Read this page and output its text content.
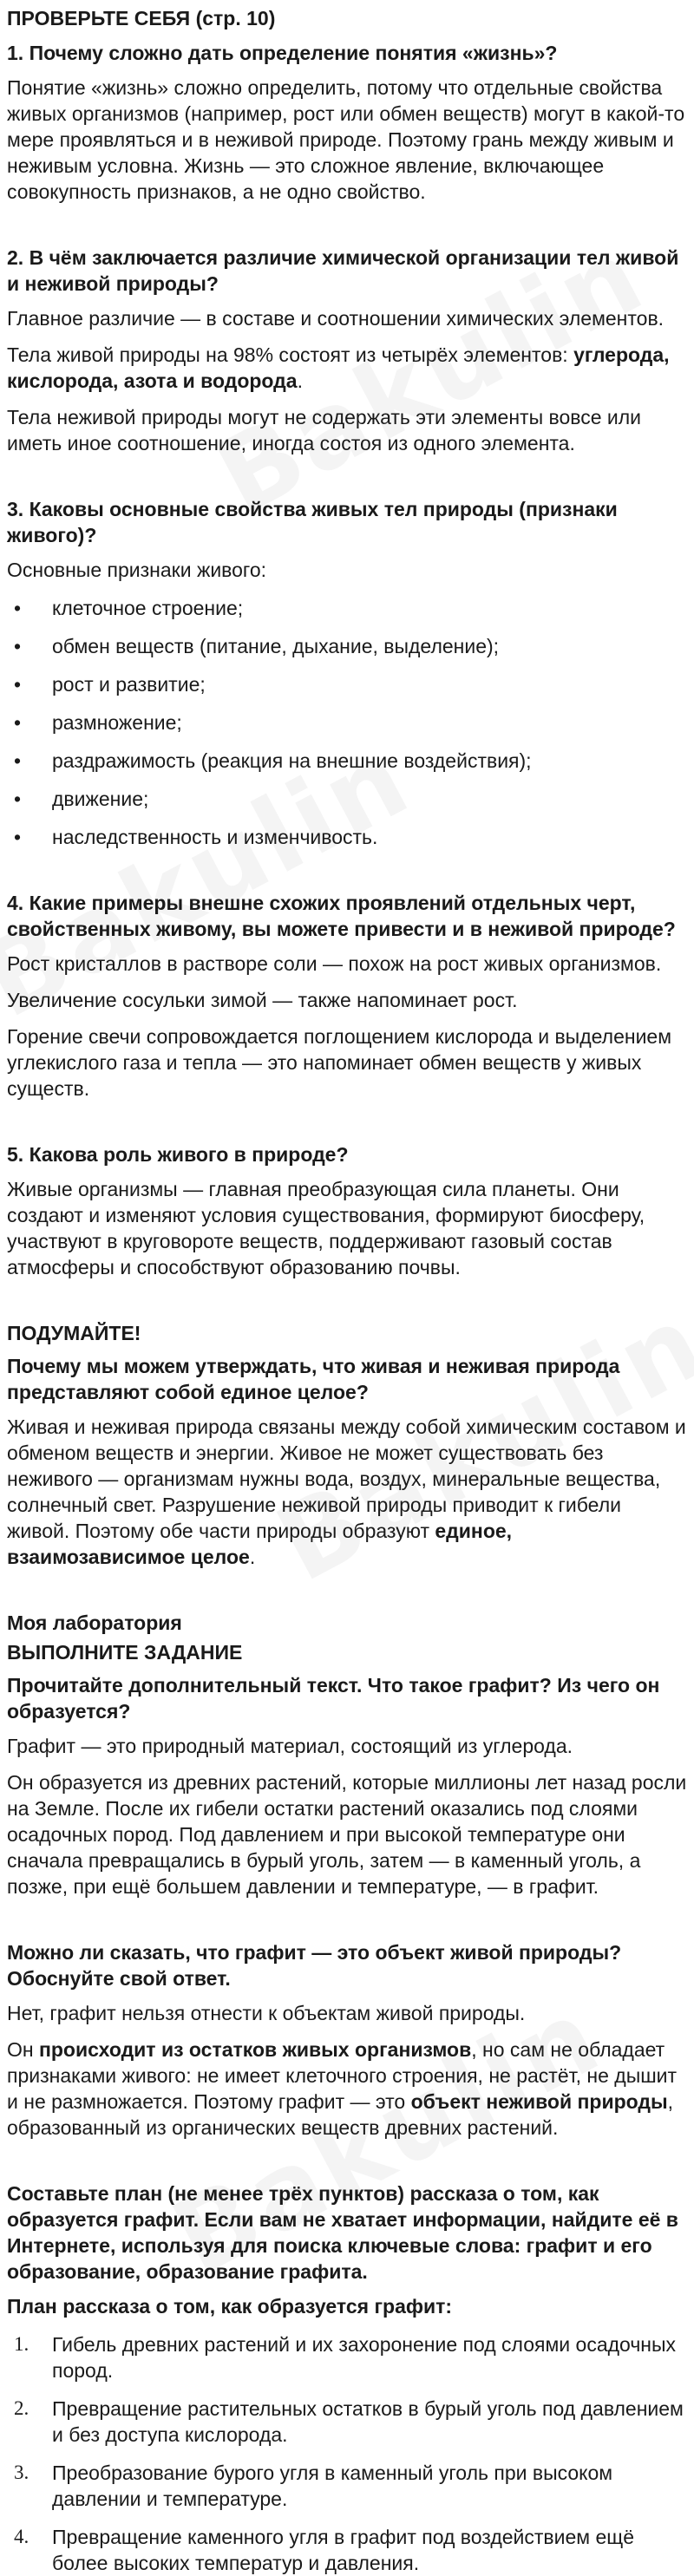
ПРОВЕРЬТЕ СЕБЯ (стр. 10)
1. Почему сложно дать определение понятия «жизнь»?

Понятие «жизнь» сложно определить, потому что отдельные свойства живых организмов (например, рост или обмен веществ) могут в какой-то мере проявляться и в неживой природе. Поэтому грань между живым и неживым условна. Жизнь — это сложное явление, включающее совокупность признаков, а не одно свойство.

2. В чём заключается различие химической организации тел живой и неживой природы?

Главное различие — в составе и соотношении химических элементов.

Тела живой природы на 98% состоят из четырёх элементов: углерода, кислорода, азота и водорода.

Тела неживой природы могут не содержать эти элементы вовсе или иметь иное соотношение, иногда состоя из одного элемента.

3. Каковы основные свойства живых тел природы (признаки живого)?

Основные признаки живого:

• клеточное строение;
• обмен веществ (питание, дыхание, выделение);
• рост и развитие;
• размножение;
• раздражимость (реакция на внешние воздействия);
• движение;
• наследственность и изменчивость.
4. Какие примеры внешне схожих проявлений отдельных черт, свойственных живому, вы можете привести и в неживой природе?

Рост кристаллов в растворе соли — похож на рост живых организмов.

Увеличение сосульки зимой — также напоминает рост.

Горение свечи сопровождается поглощением кислорода и выделением углекислого газа и тепла — это напоминает обмен веществ у живых существ.

5. Какова роль живого в природе?

Живые организмы — главная преобразующая сила планеты. Они создают и изменяют условия существования, формируют биосферу, участвуют в круговороте веществ, поддерживают газовый состав атмосферы и способствуют образованию почвы.

ПОДУМАЙТЕ!
Почему мы можем утверждать, что живая и неживая природа представляют собой единое целое?

Живая и неживая природа связаны между собой химическим составом и обменом веществ и энергии. Живое не может существовать без неживого — организмам нужны вода, воздух, минеральные вещества, солнечный свет. Разрушение неживой природы приводит к гибели живой. Поэтому обе части природы образуют единое, взаимозависимое целое.

Моя лаборатория
ВЫПОЛНИТЕ ЗАДАНИЕ
Прочитайте дополнительный текст. Что такое графит? Из чего он образуется?

Графит — это природный материал, состоящий из углерода.

Он образуется из древних растений, которые миллионы лет назад росли на Земле. После их гибели остатки растений оказались под слоями осадочных пород. Под давлением и при высокой температуре они сначала превращались в бурый уголь, затем — в каменный уголь, а позже, при ещё большем давлении и температуре, — в графит.

Можно ли сказать, что графит — это объект живой природы? Обоснуйте свой ответ.

Нет, графит нельзя отнести к объектам живой природы.

Он происходит из остатков живых организмов, но сам не обладает признаками живого: не имеет клеточного строения, не растёт, не дышит и не размножается. Поэтому графит — это объект неживой природы, образованный из органических веществ древних растений.

Составьте план (не менее трёх пунктов) рассказа о том, как образуется графит. Если вам не хватает информации, найдите её в Интернете, используя для поиска ключевые слова: графит и его образование, образование графита.
План рассказа о том, как образуется графит:
1. Гибель древних растений и их захоронение под слоями осадочных пород.
2. Превращение растительных остатков в бурый уголь под давлением и без доступа кислорода.
3. Преобразование бурого угля в каменный уголь при высоком давлении и температуре.
4. Превращение каменного угля в графит под воздействием ещё более высоких температур и давления.
